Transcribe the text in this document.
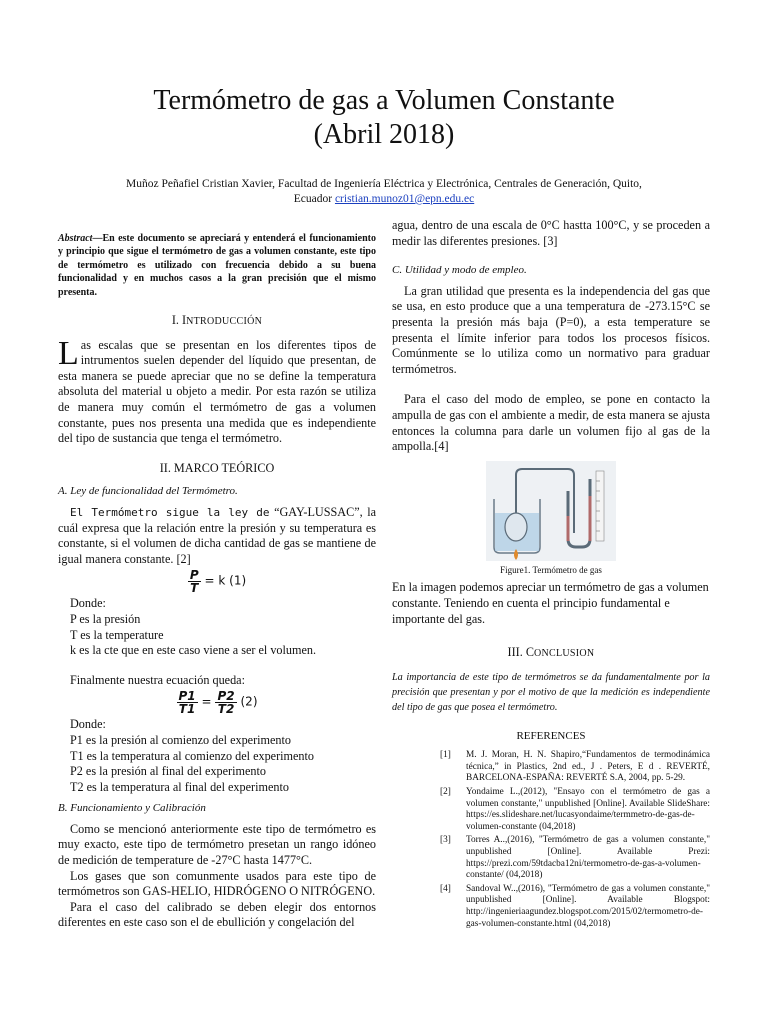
Termómetro de gas a Volumen Constante
(Abril 2018)
Muñoz Peñafiel Cristian Xavier, Facultad de Ingeniería Eléctrica y Electrónica, Centrales de Generación, Quito,
Ecuador cristian.munoz01@epn.edu.ec

Abstract—En este documento se apreciará y entenderá el funcionamiento y principio que sigue el termómetro de gas a volumen constante, este tipo de termómetro es utilizado con frecuencia debido a su buena funcionalidad y en muchos casos a la gran precisión que el mismo presenta.

I. INTRODUCCIÓN

Las escalas que se presentan en los diferentes tipos de intrumentos suelen depender del líquido que presentan, de esta manera se puede apreciar que no se define la temperatura absoluta del material u objeto a medir. Por esta razón se utiliza de manera muy común el termómetro de gas a volumen constante, pues nos presenta una medida que es independiente del tipo de sustancia que tenga el termómetro.

II. MARCO TEÓRICO
A. Ley de funcionalidad del Termómetro.

El Termómetro sigue la ley de “GAY-LUSSAC”, la cuál expresa que la relación entre la presión y su temperatura es constante, si el volumen de dicha cantidad de gas se mantiene de igual manera constante. [2]

$\frac{P}{T} = k$ (1)
Donde:
P es la presión
T es la temperature
k es la cte que en este caso viene a ser el volumen.
Finalmente nuestra ecuación queda:
$\frac{P1}{T1} = \frac{P2}{T2} (2)$
Donde:
P1 es la presión al comienzo del experimento
T1 es la temperatura al comienzo del experimento
P2 es la presión al final del experimento
T2 es la temperatura al final del experimento
B. Funcionamiento y Calibración

Como se mencionó anteriormente este tipo de termómetro es muy exacto, este tipo de termómetro presetan un rango idóneo de medición de temperature de -27°C hasta 1477°C.

Los gases que son comunmente usados para este tipo de termómetros son GAS-HELIO, HIDRÓGENO O NITRÓGENO.

Para el caso del calibrado se deben elegir dos entornos diferentes en este caso son el de ebullición y congelación del

agua, dentro de una escala de 0°C hastta 100°C, y se proceden a medir las diferentes presiones. [3]

C. Utilidad y modo de empleo.

La gran utilidad que presenta es la independencia del gas que se usa, en esto produce que a una temperatura de -273.15°C se presenta la presión más baja (P=0), a esta temperature se presenta el límite inferior para todos los procesos físicos. Comúnmente se lo utiliza como un normativo para graduar termómetros.

Para el caso del modo de empleo, se pone en contacto la ampulla de gas con el ambiente a medir, de esta manera se ajusta entonces la columna para darle un volumen fijo al gas de la ampolla.[4]

Figure1. Termómetro de gas

En la imagen podemos apreciar un termómetro de gas a volumen constante. Teniendo en cuenta el principio fundamental e importante del gas.

III. CONCLUSION

La importancia de este tipo de termómetros se da fundamentalmente por la precisión que presentan y por el motivo de que la medición es independiente del tipo de gas que posea el termómetro.

REFERENCES
[1]	M. J. Moran, H. N. Shapiro,“Fundamentos de termodinámica técnica,” in Plastics, 2nd ed., J . Peters, E d . REVERTÉ, BARCELONA-ESPAÑA: REVERTÉ S.A, 2004, pp. 5-29.
[2]	Yondaime L.,(2012), "Ensayo con el termómetro de gas a volumen constante," unpublished [Online]. Available SlideShare: https://es.slideshare.net/lucasyondaime/termmetro-de-gas-de-volumen-constante (04,2018)
[3]	Torres A..,(2016), "Termómetro de gas a volumen constante," unpublished [Online]. Available Prezi: https://prezi.com/59tdacba12ni/termometro-de-gas-a-volumen-constante/ (04,2018)
[4]	Sandoval W..,(2016), "Termómetro de gas a volumen constante," unpublished [Online]. Available Blogspot: http://ingenieriaagundez.blogspot.com/2015/02/termometro-de-gas-volumen-constante.html (04,2018)
